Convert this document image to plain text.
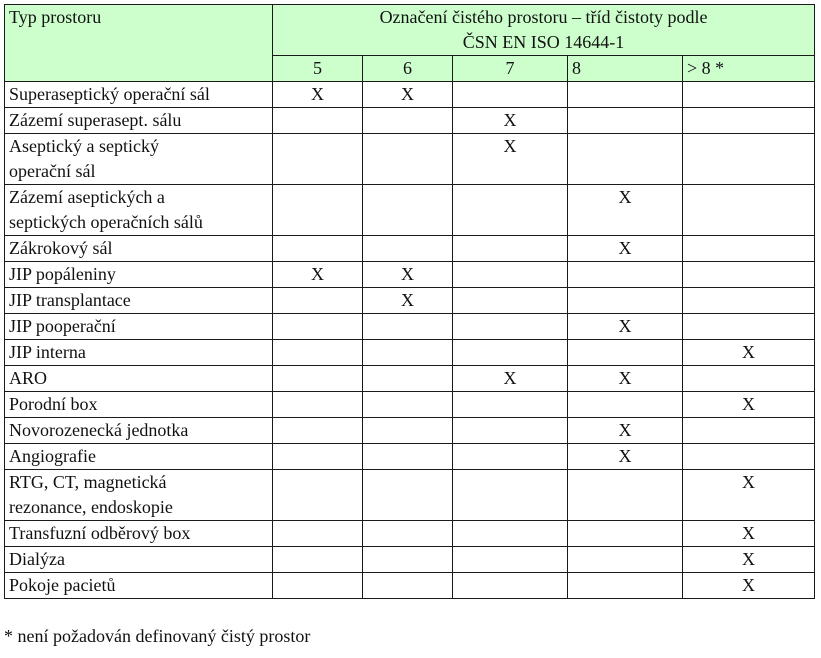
Typ prostoru	Označení čistého prostoru – tříd čistoty podle
ČSN EN ISO 14644-1				

	5	6	7	8	> 8 *

Superaseptický operační sál	X	X			

Zázemí superasept. sálu			X		

Aseptický a septický
operační sál			X		

Zázemí aseptických a
septických operačních sálů				X	

Zákrokový sál				X	

JIP popáleniny	X	X			

JIP transplantace		X			

JIP pooperační				X	

JIP interna					X

ARO			X	X	

Porodní box					X

Novorozenecká jednotka				X	

Angiografie				X	

RTG, CT, magnetická
rezonance, endoskopie					X

Transfuzní odběrový box					X

Dialýza					X

Pokoje pacietů					X
* není požadován definovaný čistý prostor
